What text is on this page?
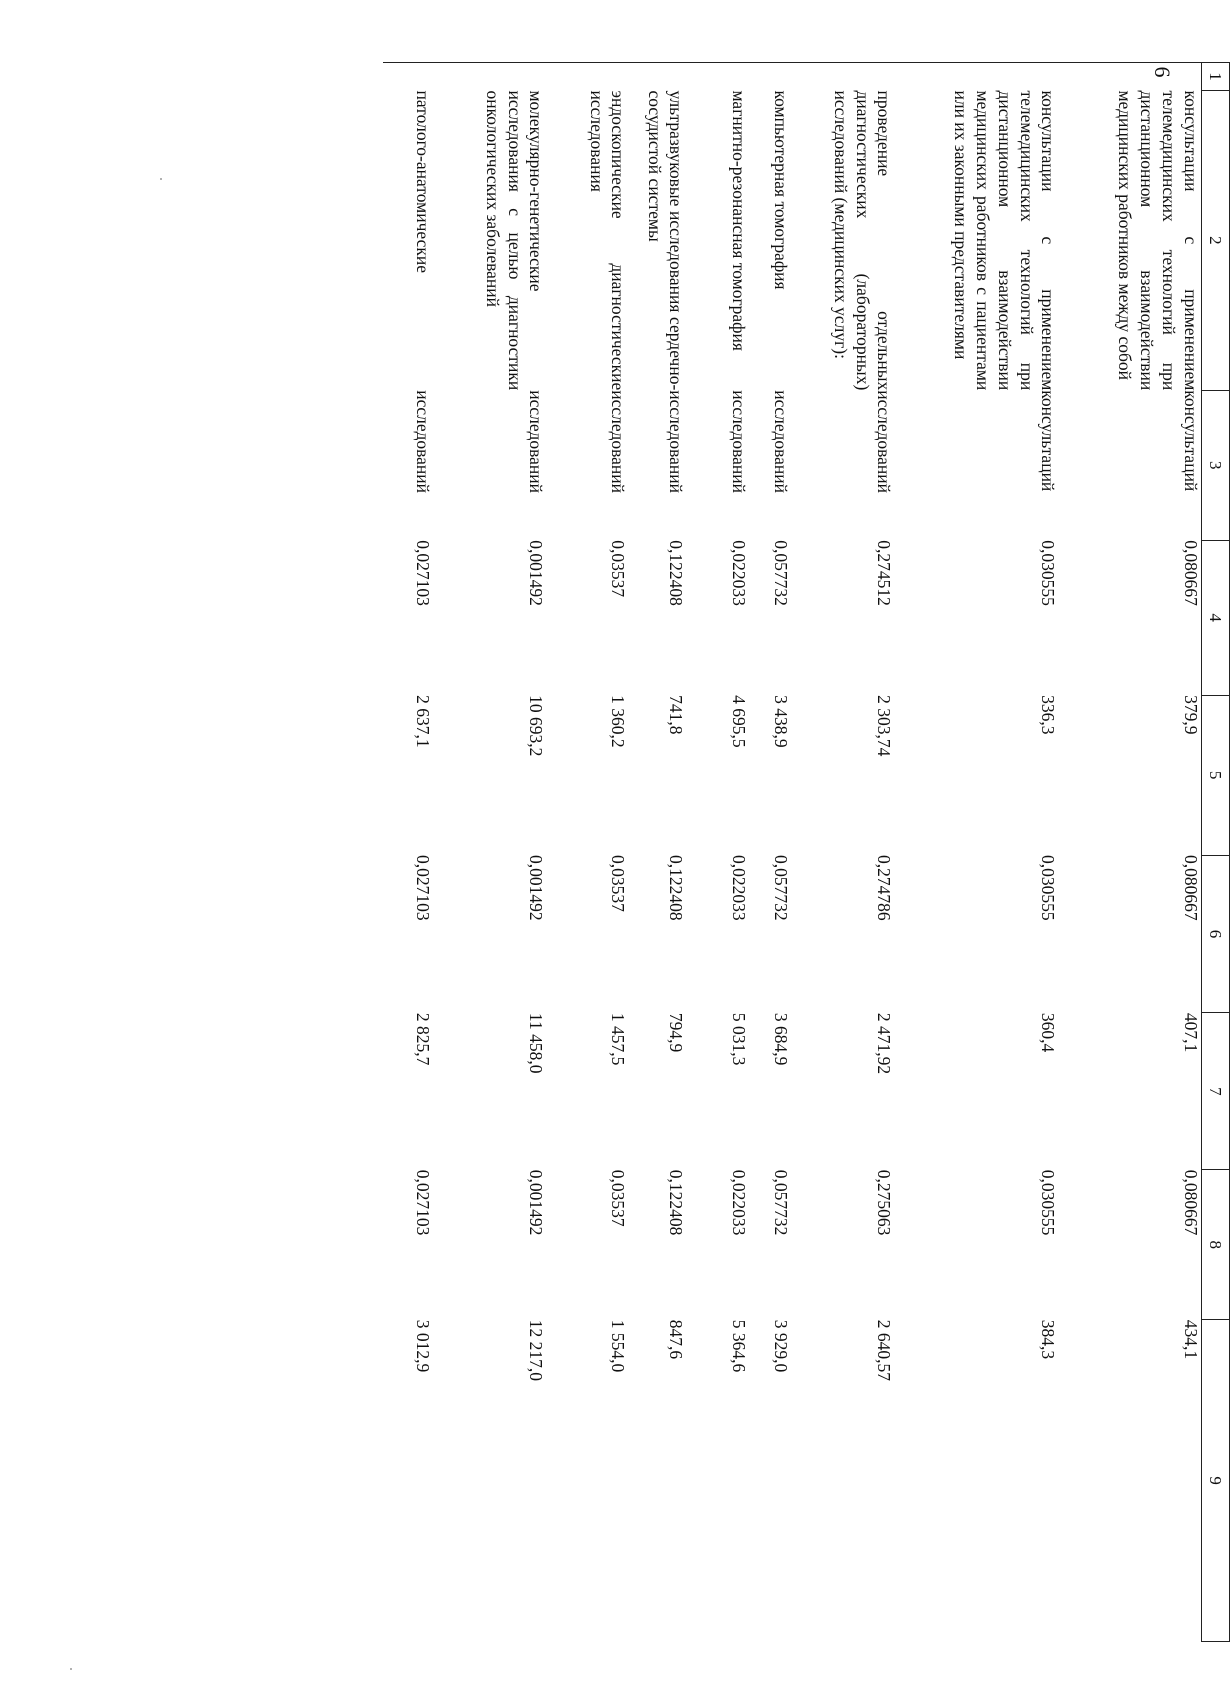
6 1	2	3	4	5	6	7	8	9
	консультации с применением телемедицинских технологий при дистанционном взаимодействии медицинских работников между собой	консультаций	0,080667	379,9	0,080667	407,1	0,080667	434,1
	консультации с применением телемедицинских технологий при дистанционном взаимодействии медицинских работников с пациентами или их законными представителями	консультаций	0,030555	336,3	0,030555	360,4	0,030555	384,3
	проведение отдельных диагностических (лабораторных) исследований (медицинских услуг):	исследований	0,274512	2 303,74	0,274786	2 471,92	0,275063	2 640,57
	компьютерная томография	исследований	0,057732	3 438,9	0,057732	3 684,9	0,057732	3 929,0
	магнитно-резонансная томография	исследований	0,022033	4 695,5	0,022033	5 031,3	0,022033	5 364,6
	ультразвуковые исследования сердечно-сосудистой системы	исследований	0,122408	741,8	0,122408	794,9	0,122408	847,6
	эндоскопические диагностические исследования	исследований	0,03537	1 360,2	0,03537	1 457,5	0,03537	1 554,0
	молекулярно-генетические исследования с целью диагностики онкологических заболеваний	исследований	0,001492	10 693,2	0,001492	11 458,0	0,001492	12 217,0
	патолого-анатомические	исследований	0,027103	2 637,1	0,027103	2 825,7	0,027103	3 012,9
